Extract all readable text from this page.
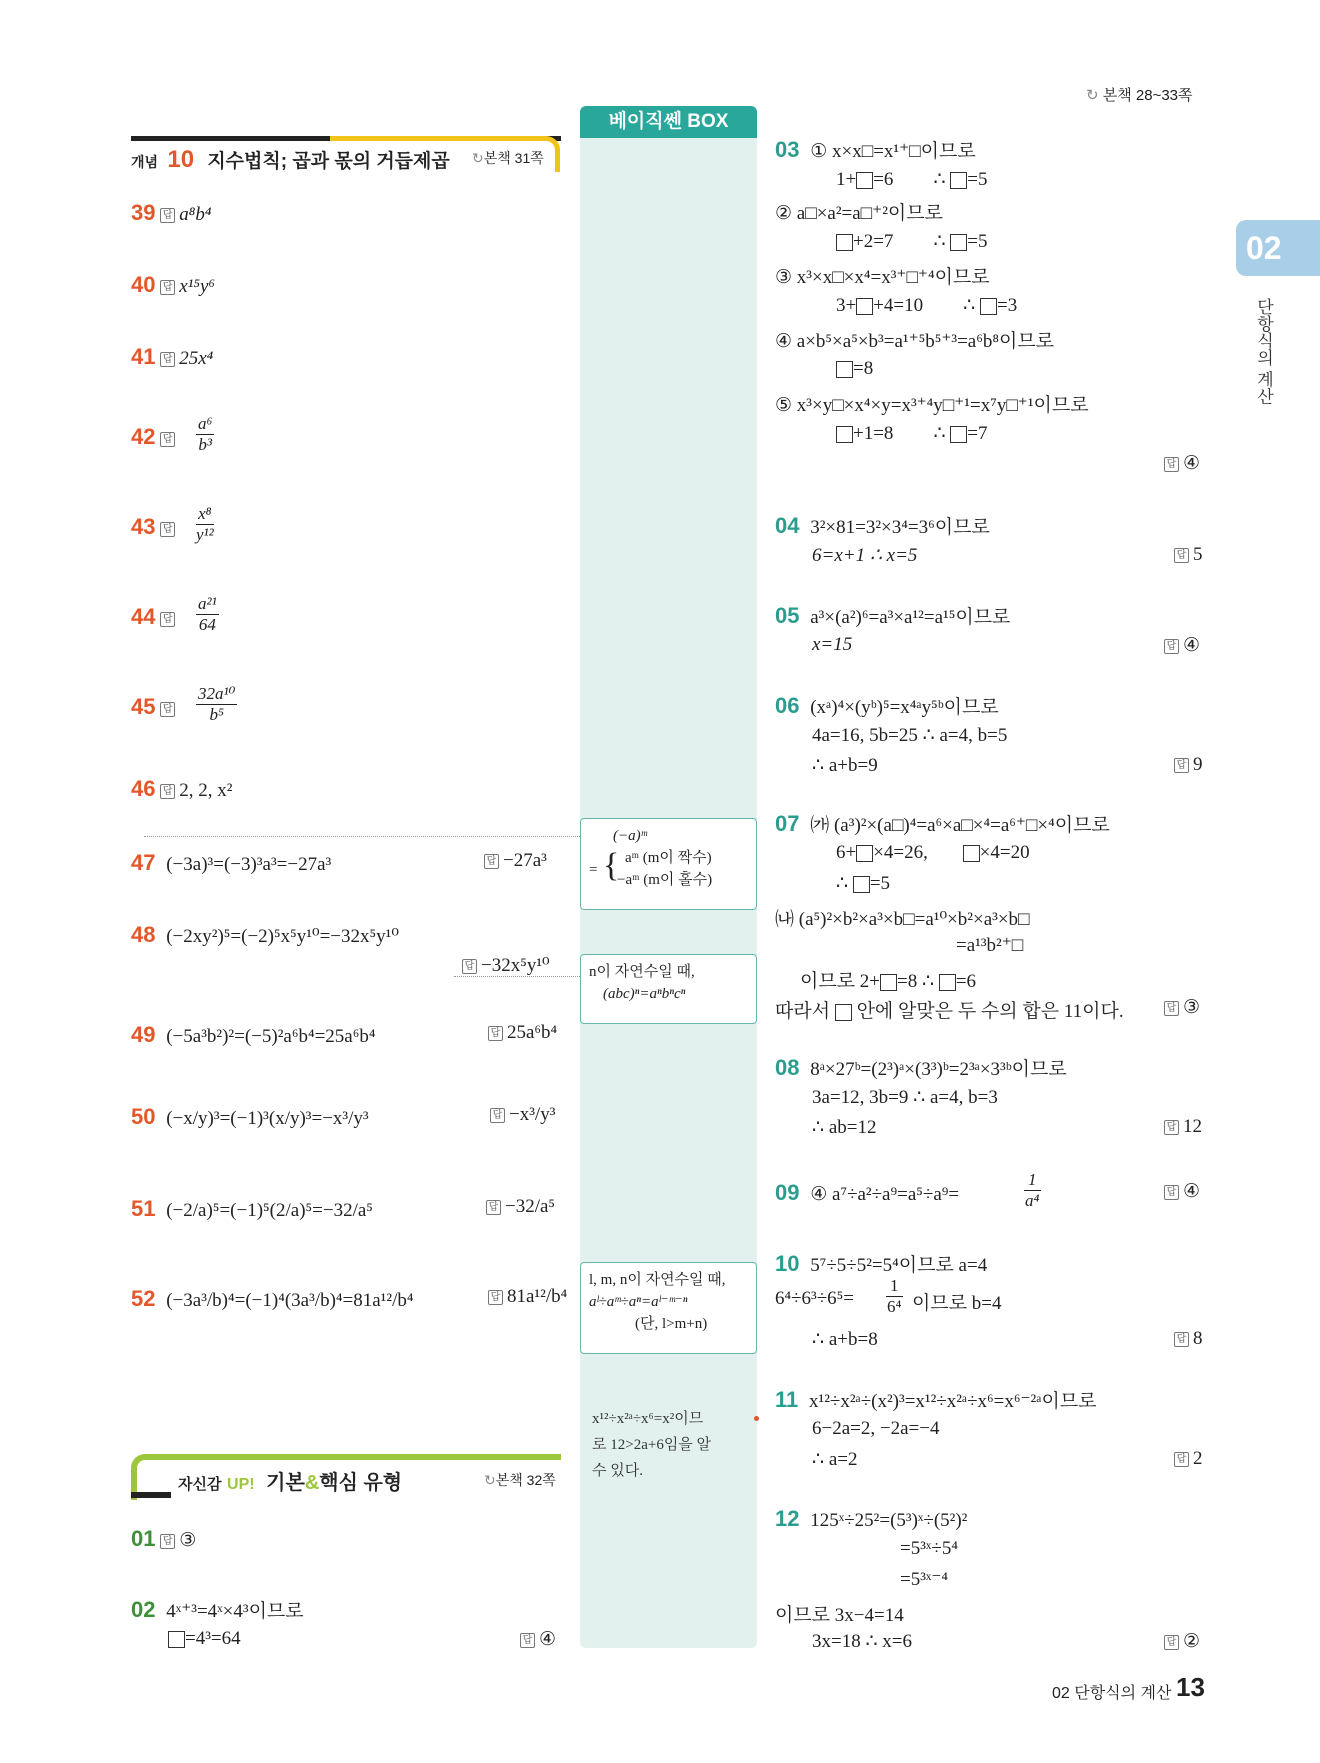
↻ 본책 28~33쪽
02
단항식의 계산
개념 10 지수법칙; 곱과 몫의 거듭제곱 ↻본책 31쪽
베이직쎈 BOX
39 답 a⁸b⁴
40 답 x¹⁵y⁶
41 답 25x⁴
42 답
a⁶
b³
43 답
x⁸
y¹²
44 답
a²¹
64
45 답
32a¹⁰
b⁵
46 답 2, 2, x²
47 (−3a)³=(−3)³a³=−27a³	답 −27a³
48 (−2xy²)⁵=(−2)⁵x⁵y¹⁰=−32x⁵y¹⁰
답 −32x⁵y¹⁰
49 (−5a³b²)²=(−5)²a⁶b⁴=25a⁶b⁴	답 25a⁶b⁴
50 (−x/y)³=(−1)³(x/y)³=−x³/y³	답 −x³/y³
51 (−2/a)⁵=(−1)⁵(2/a)⁵=−32/a⁵	답 −32/a⁵
52 (−3a³/b)⁴=(−1)⁴(3a³/b)⁴=81a¹²/b⁴	답 81a¹²/b⁴
자신감 UP! 기본&핵심 유형	↻본책 32쪽
01 답 ③
02 4ˣ⁺³=4ˣ×4³이므로
=4³=64	답 ④
(−a)ᵐ
= { aᵐ (m이 짝수)
−aᵐ (m이 홀수)
n이 자연수일 때,
(abc)ⁿ=aⁿbⁿcⁿ
l, m, n이 자연수일 때,
aˡ÷aᵐ÷aⁿ=aˡ⁻ᵐ⁻ⁿ
(단, l>m+n)
x¹²÷x²ᵃ÷x⁶=x²이므
로 12>2a+6임을 알
수 있다.
03 ① x×x□=x¹⁺□이므로
1+ =6 ∴ =5
② a□×a²=a□⁺²이므로
+2=7 ∴ =5
③ x³×x□×x⁴=x³⁺□⁺⁴이므로
3+ +4=10 ∴ =3
④ a×b⁵×a⁵×b³=a¹⁺⁵b⁵⁺³=a⁶b⁸이므로
=8
⑤ x³×y□×x⁴×y=x³⁺⁴y□⁺¹=x⁷y□⁺¹이므로
+1=8 ∴ =7
답 ④
04 3²×81=3²×3⁴=3⁶이므로
6=x+1 ∴ x=5	답 5
05 a³×(a²)⁶=a³×a¹²=a¹⁵이므로
x=15	답 ④
06 (xᵃ)⁴×(yᵇ)⁵=x⁴ᵃy⁵ᵇ이므로
4a=16, 5b=25 ∴ a=4, b=5
∴ a+b=9	답 9
07 ㈎ (a³)²×(a□)⁴=a⁶×a□×⁴=a⁶⁺□×⁴이므로
6+ ×4=26,	×4=20
∴ =5
㈏ (a⁵)²×b²×a³×b□=a¹⁰×b²×a³×b□
=a¹³b²⁺□
이므로 2+ =8 ∴ =6
따라서 안에 알맞은 두 수의 합은 11이다.	답 ③
08 8ᵃ×27ᵇ=(2³)ᵃ×(3³)ᵇ=2³ᵃ×3³ᵇ이므로
3a=12, 3b=9 ∴ a=4, b=3
∴ ab=12	답 12
09 ④ a⁷÷a²÷a⁹=a⁵÷a⁹=
1
a⁴	답 ④
10 5⁷÷5÷5²=5⁴이므로 a=4
6⁴÷6³÷6⁵=
1
6⁴ 이므로 b=4
∴ a+b=8	답 8
11 x¹²÷x²ᵃ÷(x²)³=x¹²÷x²ᵃ÷x⁶=x⁶⁻²ᵃ이므로
6−2a=2, −2a=−4
∴ a=2	답 2
12 125ˣ÷25²=(5³)ˣ÷(5²)²
=5³ˣ÷5⁴
=5³ˣ⁻⁴
이므로 3x−4=14
3x=18 ∴ x=6	답 ②
02 단항식의 계산 13
